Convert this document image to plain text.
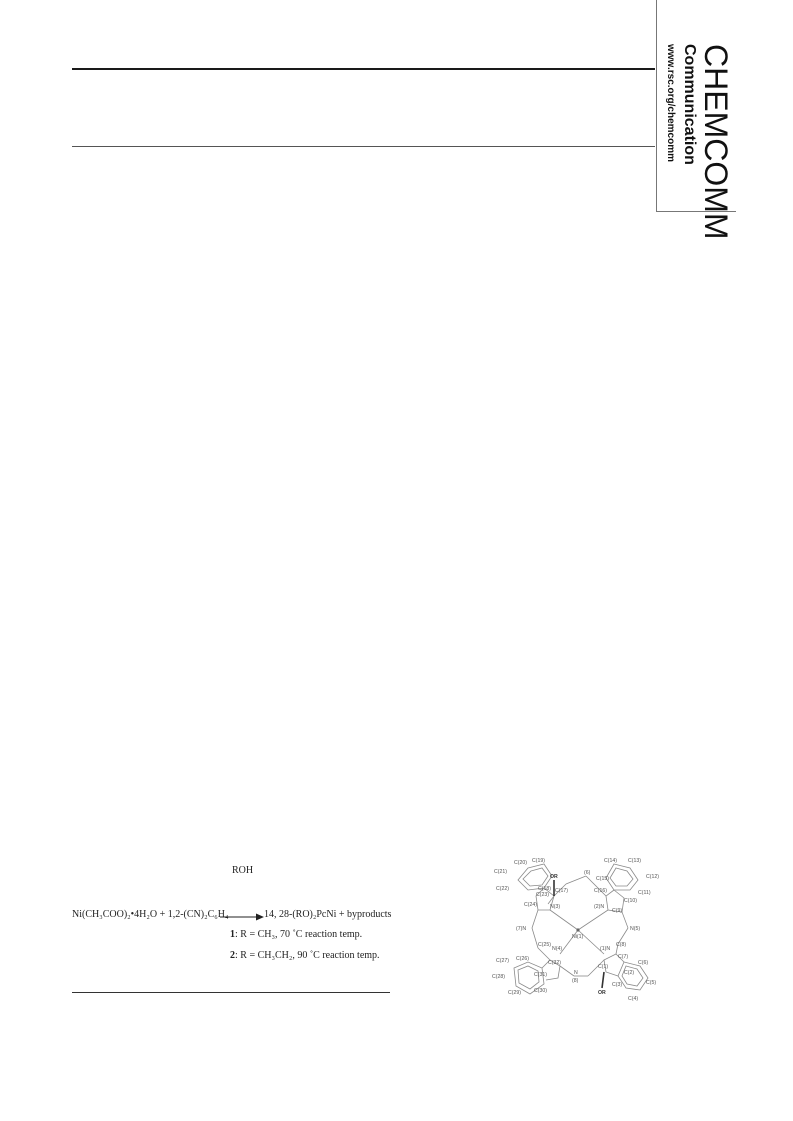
CHEMCOMM
Communication
www.rsc.org/chemcomm
ROH
Ni(CH₃COO)₂•4H₂O + 1,2-(CN)₂C₆H₄ → 14, 28-(RO)₂PcNi + byproducts
1: R = CH₃, 70 ˚C reaction temp.
2: R = CH₃CH₂, 90 ˚C reaction temp.
C(20) C(19)
C(21)
C(22)	C(18) C(17)
OR
(6)
C(16)
C(14) C(13)
C(15)	C(12)
C(11)
C(23)
C(24)	N(3)	(2)N
C(9)
C(10)
N(5)
(7)N
Ni(1)
C(25)
N(4)	(1)N
C(8)
C(27) C(26)
C(31)
C(32)
C(7)
C(6)
C(28)
C(30)
C(2)
N
(8)
C(1)
C(29)
C(3)
OR
C(5)
C(4)
